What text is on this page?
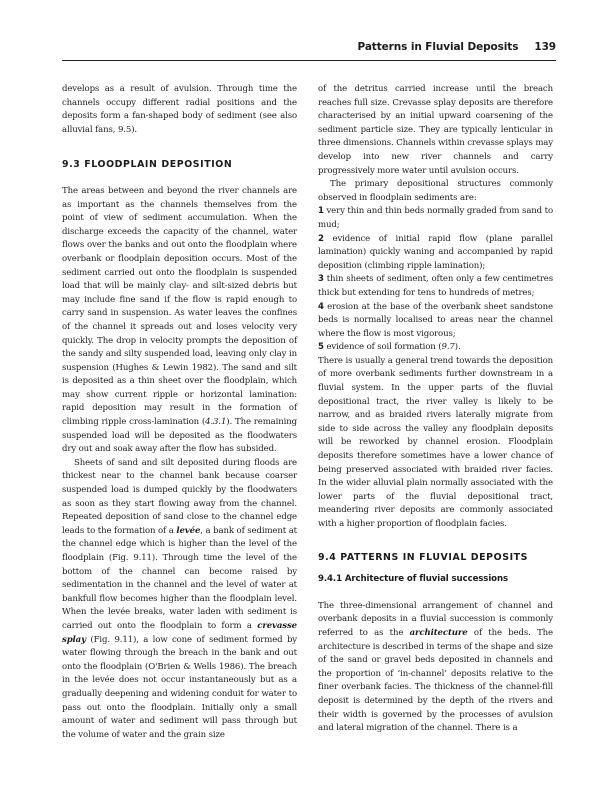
Patterns in Fluvial Deposits 139

develops as a result of avulsion. Through time the channels occupy different radial positions and the deposits form a fan-shaped body of sediment (see also alluvial fans, 9.5).

9.3 FLOODPLAIN DEPOSITION

The areas between and beyond the river channels are as important as the channels themselves from the point of view of sediment accumulation. When the discharge exceeds the capacity of the channel, water flows over the banks and out onto the floodplain where overbank or floodplain deposition occurs. Most of the sediment carried out onto the floodplain is suspended load that will be mainly clay- and silt-sized debris but may include fine sand if the flow is rapid enough to carry sand in suspension. As water leaves the confines of the channel it spreads out and loses velocity very quickly. The drop in velocity prompts the deposition of the sandy and silty suspended load, leaving only clay in suspension (Hughes & Lewin 1982). The sand and silt is deposited as a thin sheet over the floodplain, which may show current ripple or horizontal lamination: rapid deposition may result in the formation of climbing ripple cross-lamination (4.3.1). The remaining suspended load will be deposited as the floodwaters dry out and soak away after the flow has subsided.

Sheets of sand and silt deposited during floods are thickest near to the channel bank because coarser suspended load is dumped quickly by the floodwaters as soon as they start flowing away from the channel. Repeated deposition of sand close to the channel edge leads to the formation of a levée, a bank of sediment at the channel edge which is higher than the level of the floodplain (Fig. 9.11). Through time the level of the bottom of the channel can become raised by sedimentation in the channel and the level of water at bankfull flow becomes higher than the floodplain level. When the levée breaks, water laden with sediment is carried out onto the floodplain to form a crevasse splay (Fig. 9.11), a low cone of sediment formed by water flowing through the breach in the bank and out onto the floodplain (O'Brien & Wells 1986). The breach in the levée does not occur instantaneously but as a gradually deepening and widening conduit for water to pass out onto the floodplain. Initially only a small amount of water and sediment will pass through but the volume of water and the grain size

of the detritus carried increase until the breach reaches full size. Crevasse splay deposits are therefore characterised by an initial upward coarsening of the sediment particle size. They are typically lenticular in three dimensions. Channels within crevasse splays may develop into new river channels and carry progressively more water until avulsion occurs.

The primary depositional structures commonly observed in floodplain sediments are:

1 very thin and thin beds normally graded from sand to mud;

2 evidence of initial rapid flow (plane parallel lamination) quickly waning and accompanied by rapid deposition (climbing ripple lamination);

3 thin sheets of sediment, often only a few centimetres thick but extending for tens to hundreds of metres;

4 erosion at the base of the overbank sheet sandstone beds is normally localised to areas near the channel where the flow is most vigorous;

5 evidence of soil formation (9.7).

There is usually a general trend towards the deposition of more overbank sediments further downstream in a fluvial system. In the upper parts of the fluvial depositional tract, the river valley is likely to be narrow, and as braided rivers laterally migrate from side to side across the valley any floodplain deposits will be reworked by channel erosion. Floodplain deposits therefore sometimes have a lower chance of being preserved associated with braided river facies. In the wider alluvial plain normally associated with the lower parts of the fluvial depositional tract, meandering river deposits are commonly associated with a higher proportion of floodplain facies.

9.4 PATTERNS IN FLUVIAL DEPOSITS
9.4.1 Architecture of fluvial successions

The three-dimensional arrangement of channel and overbank deposits in a fluvial succession is commonly referred to as the architecture of the beds. The architecture is described in terms of the shape and size of the sand or gravel beds deposited in channels and the proportion of ‘in-channel’ deposits relative to the finer overbank facies. The thickness of the channel-fill deposit is determined by the depth of the rivers and their width is governed by the processes of avulsion and lateral migration of the channel. There is a
